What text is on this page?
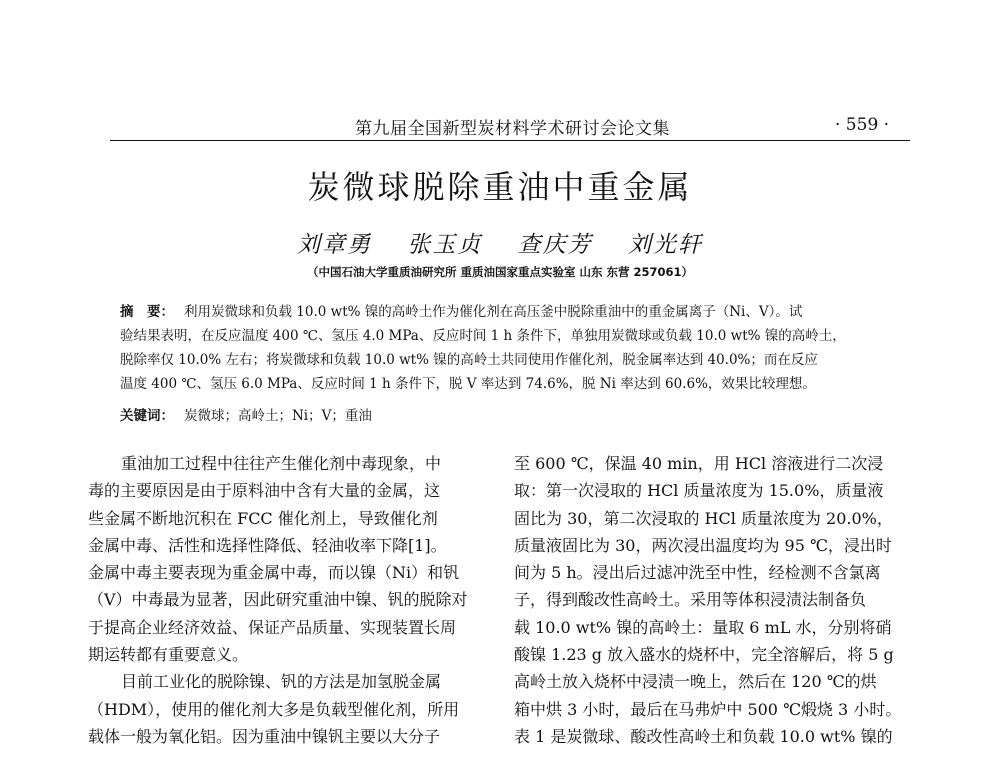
第九届全国新型炭材料学术研讨会论文集	· 559 ·
炭微球脱除重油中重金属
刘章勇 张玉贞 查庆芳 刘光轩
（中国石油大学重质油研究所 重质油国家重点实验室 山东 东营 257061）
摘　要： 利用炭微球和负载 10.0 wt% 镍的高岭土作为催化剂在高压釜中脱除重油中的重金属离子（Ni、V）。试
验结果表明，在反应温度 400 ℃、氢压 4.0 MPa、反应时间 1 h 条件下，单独用炭微球或负载 10.0 wt% 镍的高岭土，
脱除率仅 10.0% 左右；将炭微球和负载 10.0 wt% 镍的高岭土共同使用作催化剂，脱金属率达到 40.0%；而在反应
温度 400 ℃、氢压 6.0 MPa、反应时间 1 h 条件下，脱 V 率达到 74.6%，脱 Ni 率达到 60.6%，效果比较理想。
关键词： 炭微球；高岭土；Ni；V；重油
重油加工过程中往往产生催化剂中毒现象，中
毒的主要原因是由于原料油中含有大量的金属，这
些金属不断地沉积在 FCC 催化剂上，导致催化剂
金属中毒、活性和选择性降低、轻油收率下降[1]。
金属中毒主要表现为重金属中毒，而以镍（Ni）和钒
（V）中毒最为显著，因此研究重油中镍、钒的脱除对
于提高企业经济效益、保证产品质量、实现装置长周
期运转都有重要意义。
目前工业化的脱除镍、钒的方法是加氢脱金属
（HDM），使用的催化剂大多是负载型催化剂，所用
载体一般为氧化铝。因为重油中镍钒主要以大分子
至 600 ℃，保温 40 min，用 HCl 溶液进行二次浸
取：第一次浸取的 HCl 质量浓度为 15.0%，质量液
固比为 30，第二次浸取的 HCl 质量浓度为 20.0%，
质量液固比为 30，两次浸出温度均为 95 ℃，浸出时
间为 5 h。浸出后过滤冲洗至中性，经检测不含氯离
子，得到酸改性高岭土。采用等体积浸渍法制备负
载 10.0 wt% 镍的高岭土：量取 6 mL 水，分别将硝
酸镍 1.23 g 放入盛水的烧杯中，完全溶解后，将 5 g
高岭土放入烧杯中浸渍一晚上，然后在 120 ℃的烘
箱中烘 3 小时，最后在马弗炉中 500 ℃煅烧 3 小时。
表 1 是炭微球、酸改性高岭土和负载 10.0 wt% 镍的
